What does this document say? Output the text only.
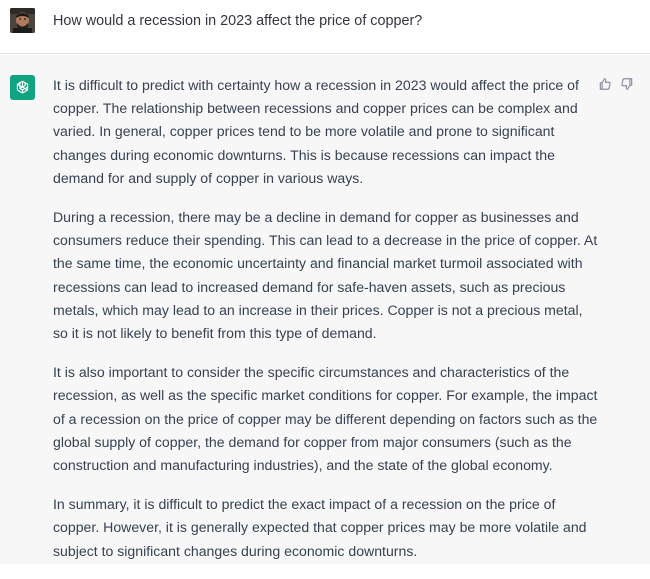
How would a recession in 2023 affect the price of copper?

It is difficult to predict with certainty how a recession in 2023 would affect the price of copper. The relationship between recessions and copper prices can be complex and varied. In general, copper prices tend to be more volatile and prone to significant changes during economic downturns. This is because recessions can impact the demand for and supply of copper in various ways.

During a recession, there may be a decline in demand for copper as businesses and consumers reduce their spending. This can lead to a decrease in the price of copper. At the same time, the economic uncertainty and financial market turmoil associated with recessions can lead to increased demand for safe-haven assets, such as precious metals, which may lead to an increase in their prices. Copper is not a precious metal, so it is not likely to benefit from this type of demand.

It is also important to consider the specific circumstances and characteristics of the recession, as well as the specific market conditions for copper. For example, the impact of a recession on the price of copper may be different depending on factors such as the global supply of copper, the demand for copper from major consumers (such as the construction and manufacturing industries), and the state of the global economy.

In summary, it is difficult to predict the exact impact of a recession on the price of copper. However, it is generally expected that copper prices may be more volatile and subject to significant changes during economic downturns.
